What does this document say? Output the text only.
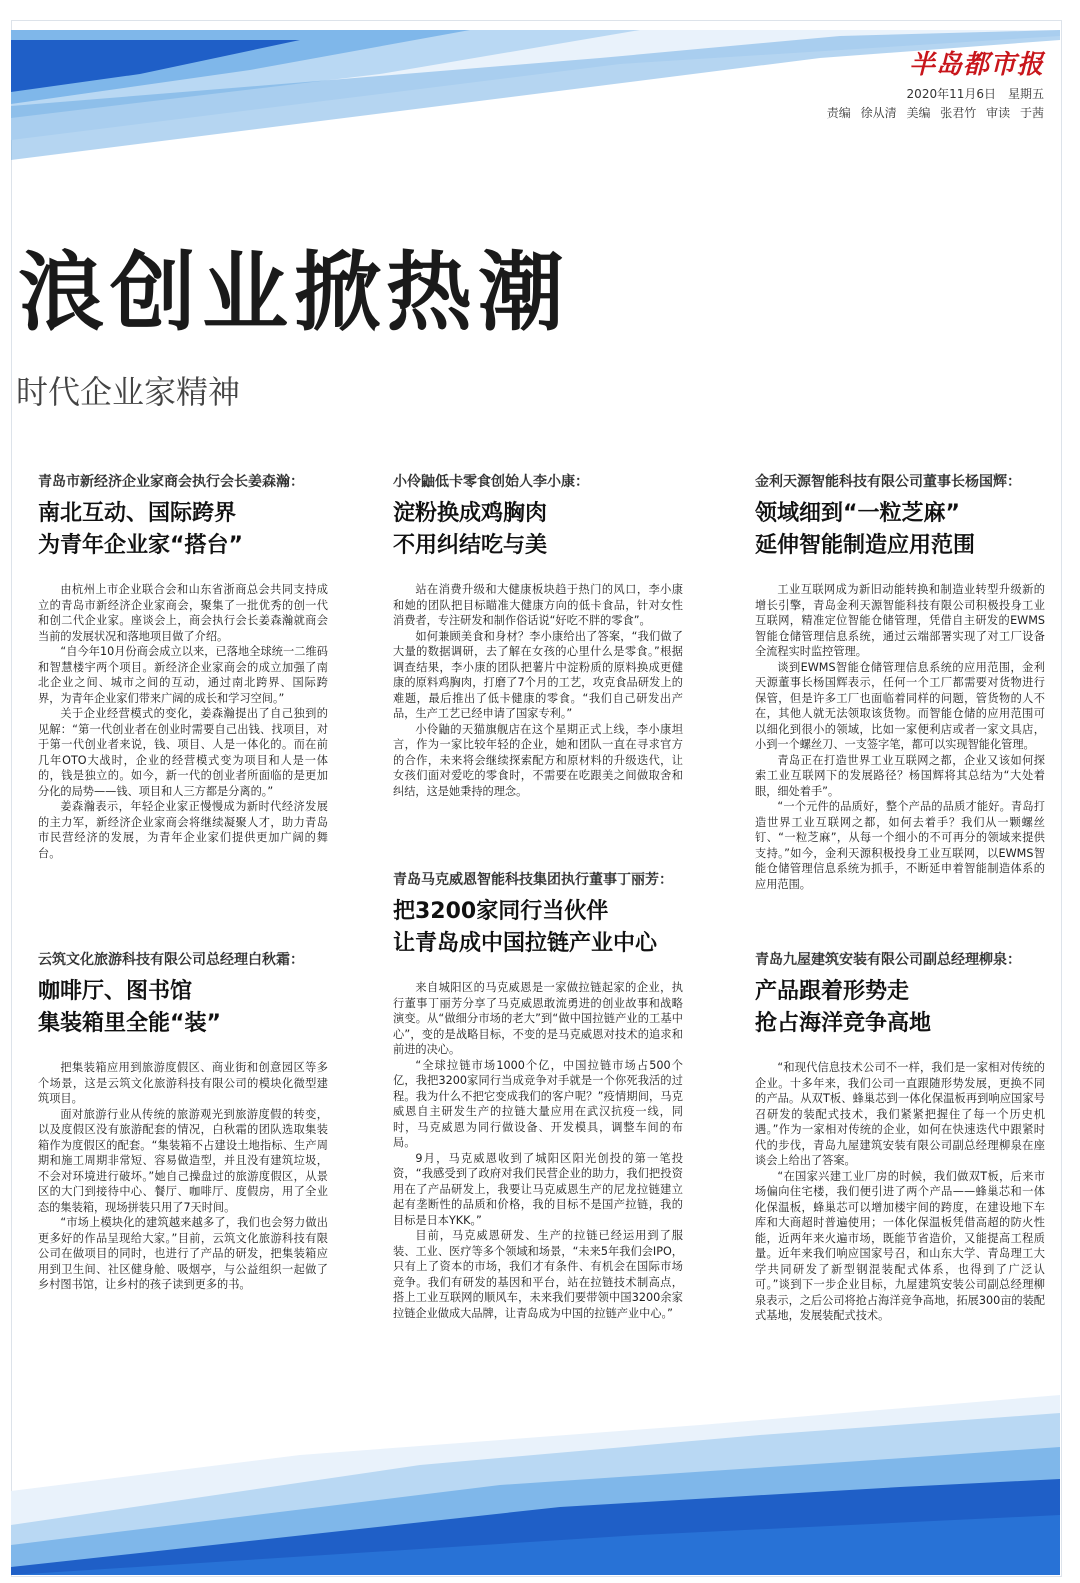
半岛都市报
2020年11月6日　星期五
责编 徐从清 美编 张君竹 审读 于茜
浪创业掀热潮
时代企业家精神
青岛市新经济企业家商会执行会长姜森瀚：
南北互动、国际跨界
为青年企业家“搭台”

由杭州上市企业联合会和山东省浙商总会共同支持成立的青岛市新经济企业家商会，聚集了一批优秀的创一代和创二代企业家。座谈会上，商会执行会长姜森瀚就商会当前的发展状况和落地项目做了介绍。

“自今年10月份商会成立以来，已落地全球统一二维码和智慧楼宇两个项目。新经济企业家商会的成立加强了南北企业之间、城市之间的互动，通过南北跨界、国际跨界，为青年企业家们带来广阔的成长和学习空间。”

关于企业经营模式的变化，姜森瀚提出了自己独到的见解：“第一代创业者在创业时需要自己出钱、找项目，对于第一代创业者来说，钱、项目、人是一体化的。而在前几年OTO大战时，企业的经营模式变为项目和人是一体的，钱是独立的。如今，新一代的创业者所面临的是更加分化的局势——钱、项目和人三方都是分离的。”

姜森瀚表示，年轻企业家正慢慢成为新时代经济发展的主力军，新经济企业家商会将继续凝聚人才，助力青岛市民营经济的发展，为青年企业家们提供更加广阔的舞台。

云筑文化旅游科技有限公司总经理白秋霜：
咖啡厅、图书馆
集装箱里全能“装”

把集装箱应用到旅游度假区、商业街和创意园区等多个场景，这是云筑文化旅游科技有限公司的模块化微型建筑项目。

面对旅游行业从传统的旅游观光到旅游度假的转变，以及度假区没有旅游配套的情况，白秋霜的团队选取集装箱作为度假区的配套。“集装箱不占建设土地指标、生产周期和施工周期非常短、容易做造型，并且没有建筑垃圾，不会对环境进行破坏。”她自己操盘过的旅游度假区，从景区的大门到接待中心、餐厅、咖啡厅、度假房，用了全业态的集装箱，现场拼装只用了7天时间。

“市场上模块化的建筑越来越多了，我们也会努力做出更多好的作品呈现给大家。”目前，云筑文化旅游科技有限公司在做项目的同时，也进行了产品的研发，把集装箱应用到卫生间、社区健身舱、吸烟亭，与公益组织一起做了乡村图书馆，让乡村的孩子读到更多的书。

小伶鼬低卡零食创始人李小康：
淀粉换成鸡胸肉
不用纠结吃与美

站在消费升级和大健康板块趋于热门的风口，李小康和她的团队把目标瞄准大健康方向的低卡食品，针对女性消费者，专注研发和制作俗话说“好吃不胖的零食”。

如何兼顾美食和身材？李小康给出了答案，“我们做了大量的数据调研，去了解在女孩的心里什么是零食。”根据调查结果，李小康的团队把薯片中淀粉质的原料换成更健康的原料鸡胸肉，打磨了7个月的工艺，攻克食品研发上的难题，最后推出了低卡健康的零食。“我们自己研发出产品，生产工艺已经申请了国家专利。”

小伶鼬的天猫旗舰店在这个星期正式上线，李小康坦言，作为一家比较年轻的企业，她和团队一直在寻求官方的合作，未来将会继续探索配方和原材料的升级迭代，让女孩们面对爱吃的零食时，不需要在吃跟美之间做取舍和纠结，这是她秉持的理念。

青岛马克威恩智能科技集团执行董事丁丽芳：
把3200家同行当伙伴
让青岛成中国拉链产业中心

来自城阳区的马克威恩是一家做拉链起家的企业，执行董事丁丽芳分享了马克威恩敢流勇进的创业故事和战略演变。从“做细分市场的老大”到“做中国拉链产业的工基中心”，变的是战略目标，不变的是马克威恩对技术的追求和前进的决心。

“全球拉链市场1000个亿，中国拉链市场占500个亿，我把3200家同行当成竞争对手就是一个你死我活的过程。我为什么不把它变成我们的客户呢？”疫情期间，马克威恩自主研发生产的拉链大量应用在武汉抗疫一线，同时，马克威恩为同行做设备、开发模具，调整车间的布局。

9月，马克威恩收到了城阳区阳光创投的第一笔投资，“我感受到了政府对我们民营企业的助力，我们把投资用在了产品研发上，我要让马克威恩生产的尼龙拉链建立起有垄断性的品质和价格，我的目标不是国产拉链，我的目标是日本YKK。”

目前，马克威恩研发、生产的拉链已经运用到了服装、工业、医疗等多个领域和场景，“未来5年我们会IPO，只有上了资本的市场，我们才有条件、有机会在国际市场竞争。我们有研发的基因和平台，站在拉链技术制高点，搭上工业互联网的顺风车，未来我们要带领中国3200余家拉链企业做成大品牌，让青岛成为中国的拉链产业中心。”

金利天源智能科技有限公司董事长杨国辉：
领域细到“一粒芝麻”
延伸智能制造应用范围

工业互联网成为新旧动能转换和制造业转型升级新的增长引擎，青岛金利天源智能科技有限公司积极投身工业互联网，精准定位智能仓储管理，凭借自主研发的EWMS智能仓储管理信息系统，通过云端部署实现了对工厂设备全流程实时监控管理。

谈到EWMS智能仓储管理信息系统的应用范围，金利天源董事长杨国辉表示，任何一个工厂都需要对货物进行保管，但是许多工厂也面临着同样的问题，管货物的人不在，其他人就无法领取该货物。而智能仓储的应用范围可以细化到很小的领域，比如一家便利店或者一家文具店，小到一个螺丝刀、一支签字笔，都可以实现智能化管理。

青岛正在打造世界工业互联网之都，企业又该如何探索工业互联网下的发展路径？杨国辉将其总结为“大处着眼，细处着手”。

“一个元件的品质好，整个产品的品质才能好。青岛打造世界工业互联网之都，如何去着手？我们从一颗螺丝钉、“一粒芝麻”，从每一个细小的不可再分的领域来提供支持。”如今，金利天源积极投身工业互联网，以EWMS智能仓储管理信息系统为抓手，不断延申着智能制造体系的应用范围。

青岛九屋建筑安装有限公司副总经理柳泉：
产品跟着形势走
抢占海洋竞争高地

“和现代信息技术公司不一样，我们是一家相对传统的企业。十多年来，我们公司一直跟随形势发展，更换不同的产品。从双T板、蜂巢芯到一体化保温板再到响应国家号召研发的装配式技术，我们紧紧把握住了每一个历史机遇。”作为一家相对传统的企业，如何在快速迭代中跟紧时代的步伐，青岛九屋建筑安装有限公司副总经理柳泉在座谈会上给出了答案。

“在国家兴建工业厂房的时候，我们做双T板，后来市场偏向住宅楼，我们便引进了两个产品——蜂巢芯和一体化保温板，蜂巢芯可以增加楼宇间的跨度，在建设地下车库和大商超时普遍使用；一体化保温板凭借高超的防火性能，近两年来火遍市场，既能节省造价，又能提高工程质量。近年来我们响应国家号召，和山东大学、青岛理工大学共同研发了新型钢混装配式体系，也得到了广泛认可。”谈到下一步企业目标，九屋建筑安装公司副总经理柳泉表示，之后公司将抢占海洋竞争高地，拓展300亩的装配式基地，发展装配式技术。
